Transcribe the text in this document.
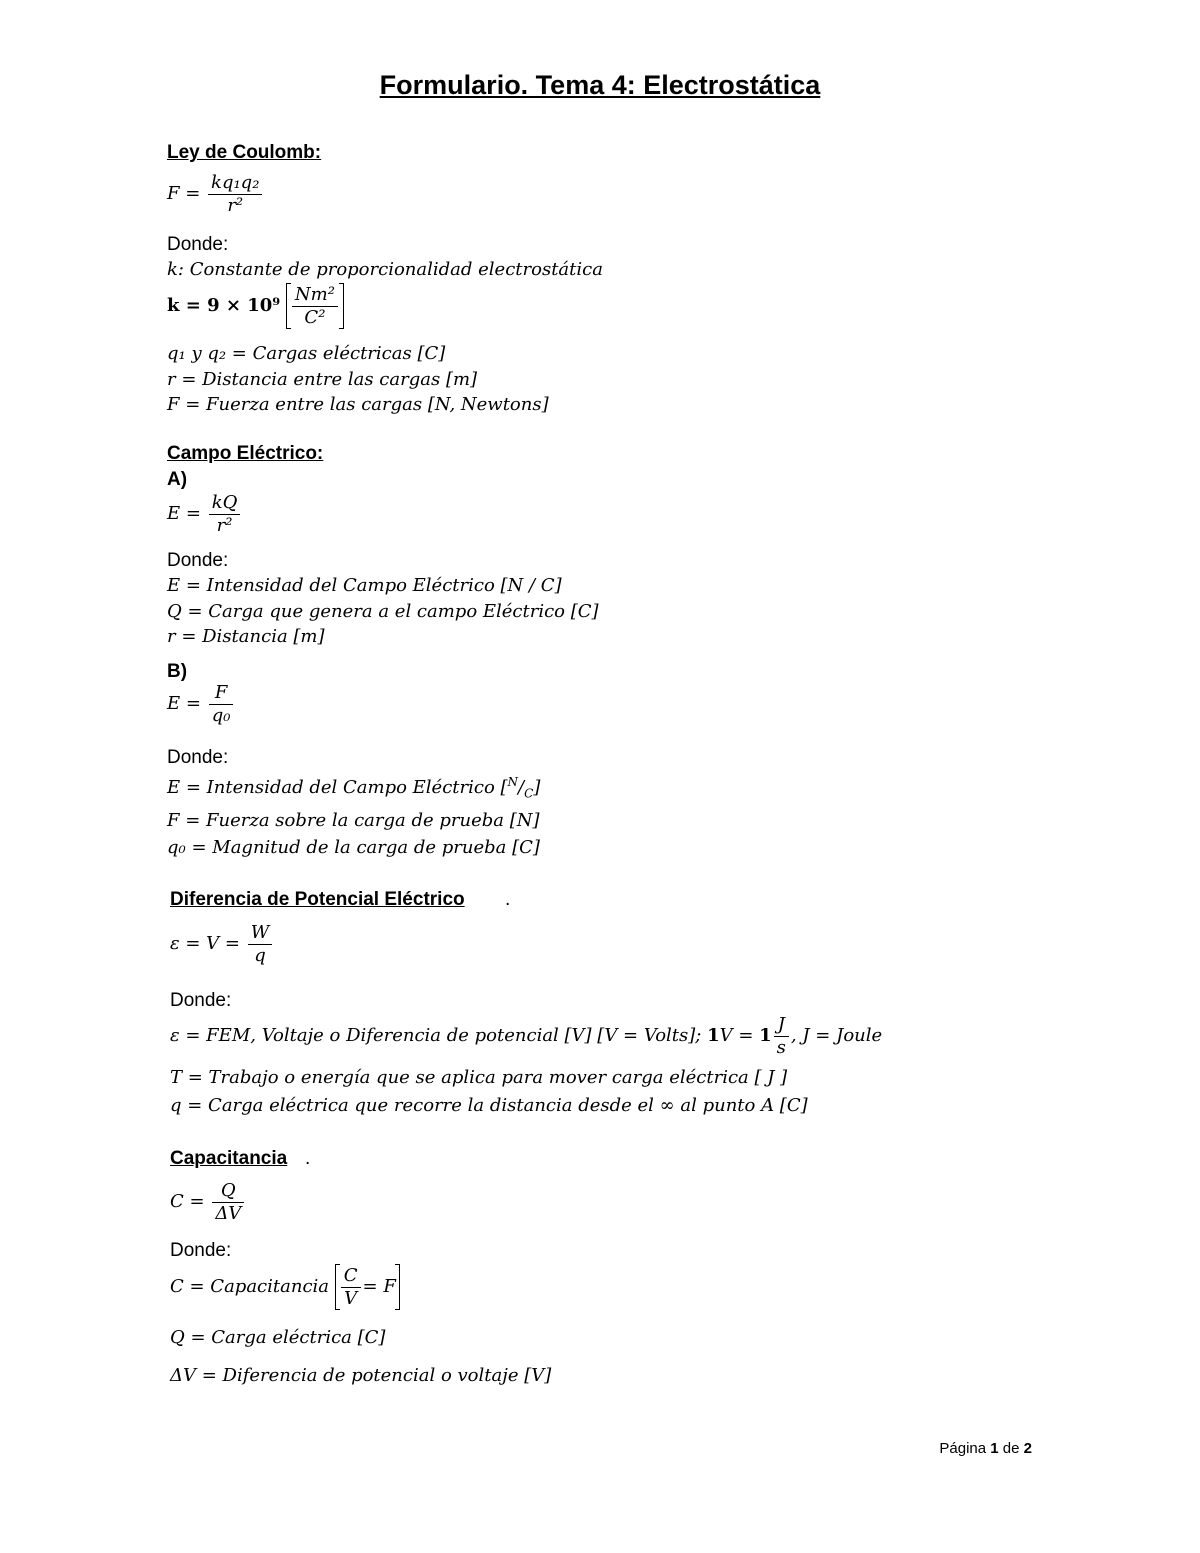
Formulario. Tema 4: Electrostática
Ley de Coulomb:
$F = \frac{\text{kq₁q₂}}{\text{r²}}$
Donde:
k: Constante de proporcionalidad electrostática
$k = 9 \times 10^9 \frac{\text{Nm²}}{\text{C²}}$
q₁ y q₂ = Cargas eléctricas [C]
r = Distancia entre las cargas [m]
F = Fuerza entre las cargas [N, Newtons]
Campo Eléctrico:
A)
$E = \frac{kQ}{\text{r²}}$
Donde:
E = Intensidad del Campo Eléctrico [N / C]
Q = Carga que genera a el campo Eléctrico [C]
r = Distancia [m]
B)
$E = \frac{F}{\text{q₀}}$
Donde:
E = Intensidad del Campo Eléctrico $[^N/_C]$
F = Fuerza sobre la carga de prueba [N]
q₀ = Magnitud de la carga de prueba [C]
Diferencia de Potencial Eléctrico .
$\varepsilon = V = \frac{W}{q}$
Donde:
ε = FEM, Voltaje o Diferencia de potencial [V] [V = Volts]; $1V = 1 \frac{J}{s}$ , J = Joule
T = Trabajo o energía que se aplica para mover carga eléctrica [ J ]
q = Carga eléctrica que recorre la distancia desde el ∞ al punto A [C]
Capacitancia .
$C = \frac{Q}{\Delta V}$
Donde:
C = Capacitancia $\frac{C}{V} = F$
Q = Carga eléctrica [C]
ΔV = Diferencia de potencial o voltaje [V]
Página 1 de 2
